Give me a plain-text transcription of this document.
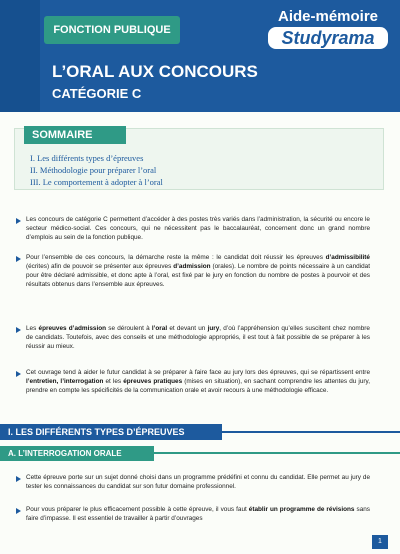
FONCTION PUBLIQUE
Aide-mémoire
Studyrama
L’ORAL AUX CONCOURS
CATÉGORIE C
SOMMAIRE
I. Les différents types d’épreuves
II. Méthodologie pour préparer l’oral
III. Le comportement à adopter à l’oral
Les concours de catégorie C permettent d’accéder à des postes très variés dans l’administration, la sécurité ou encore le secteur médico-social. Ces concours, qui ne nécessitent pas le baccalauréat, concernent donc un grand nombre d’emplois au sein de la fonction publique.
Pour l’ensemble de ces concours, la démarche reste la même : le candidat doit réussir les épreuves d’admissibilité (écrites) afin de pouvoir se présenter aux épreuves d’admission (orales). Le nombre de points nécessaire à un candidat pour être déclaré admissible, et donc apte à l’oral, est fixé par le jury en fonction du nombre de postes à pourvoir et des résultats obtenus dans l’ensemble aux épreuves.
Les épreuves d’admission se déroulent à l’oral et devant un jury, d’où l’appréhension qu’elles suscitent chez nombre de candidats. Toutefois, avec des conseils et une méthodologie appropriés, il est tout à fait possible de se préparer à les réussir au mieux.
Cet ouvrage tend à aider le futur candidat à se préparer à faire face au jury lors des épreuves, qui se répartissent entre l’entretien, l’interrogation et les épreuves pratiques (mises en situation), en sachant comprendre les attentes du jury, prendre en compte les spécificités de la communication orale et avoir recours à une méthodologie efficace.
I. LES DIFFÉRENTS TYPES D’ÉPREUVES
A. L’INTERROGATION ORALE
Cette épreuve porte sur un sujet donné choisi dans un programme prédéfini et connu du candidat. Elle permet au jury de tester les connaissances du candidat sur son futur domaine professionnel.
Pour vous préparer le plus efficacement possible à cette épreuve, il vous faut établir un programme de révisions sans faire d’impasse. Il est essentiel de travailler à partir d’ouvrages
1
